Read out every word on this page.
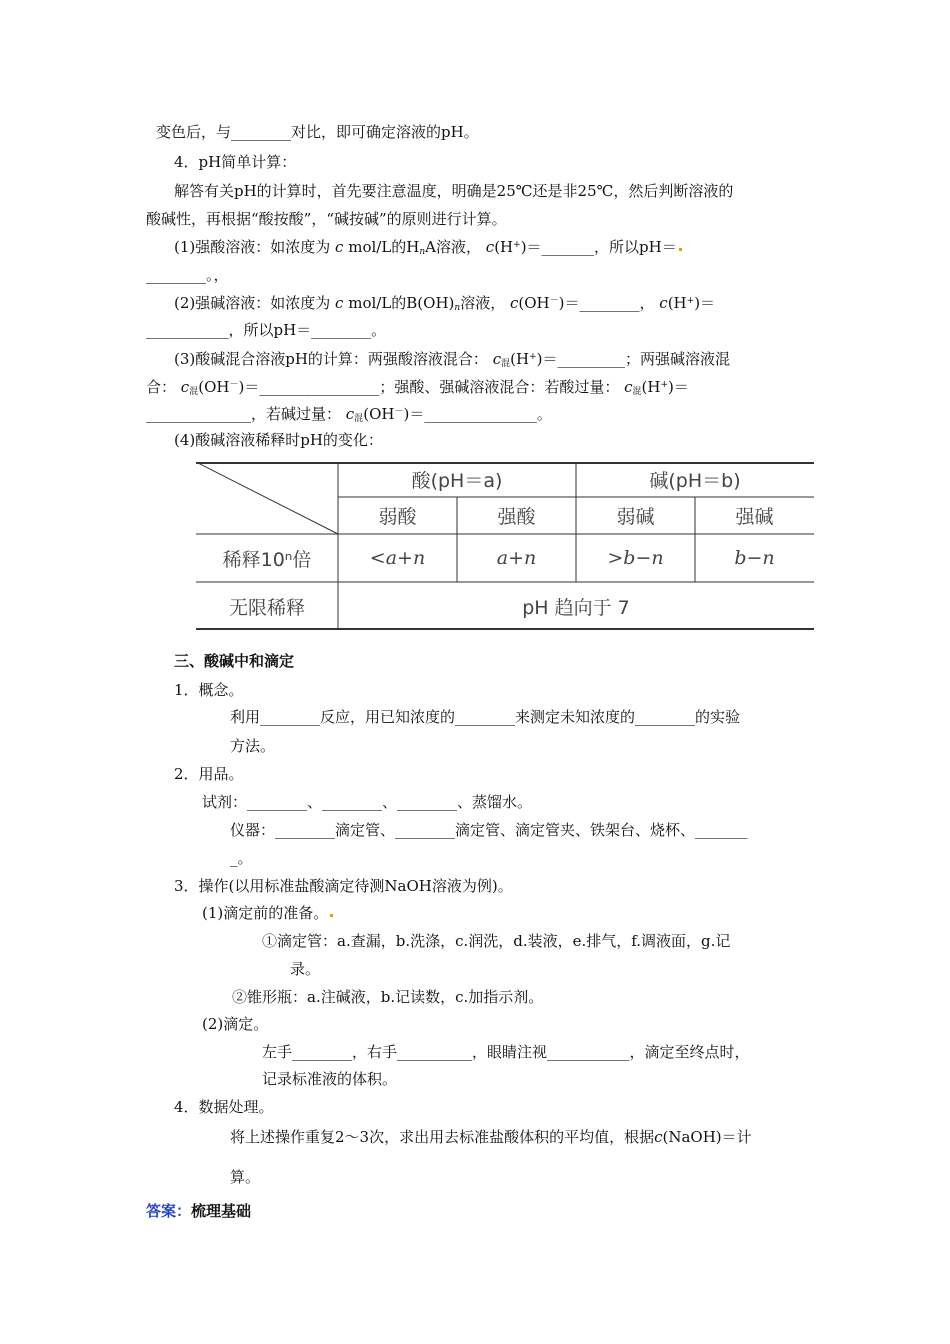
变色后，与________对比，即可确定溶液的pH。
4．pH简单计算：
解答有关pH的计算时，首先要注意温度，明确是25℃还是非25℃，然后判断溶液的
酸碱性，再根据“酸按酸”，“碱按碱”的原则进行计算。
(1)强酸溶液：如浓度为 c mol/L的$H_nA$溶液， c(H+)＝_______，所以pH＝
________。，
(2)强碱溶液：如浓度为 c mol/L的$B(OH)_n$溶液， c(OH－)＝________， c(H+)＝
___________，所以pH＝________。
(3)酸碱混合溶液pH的计算：两强酸溶液混合： $c_混(H^+)=\_\_\_\_\_\_\_\_\_$；两强碱溶液混
合： $c_混(OH^-)=\_\_\_\_\_\_\_\_\_\_\_\_\_\_\_\_$；强酸、强碱溶液混合：若酸过量： $c_混(H^+)=$
______________，若碱过量： $c_混(OH^-)=\_\_\_\_\_\_\_\_\_\_\_\_\_\_\_$。
(4)酸碱溶液稀释时pH的变化：
酸(pH＝a)	碱(pH＝b)
弱酸	强酸	弱碱	强碱
稀释10ⁿ倍	<a+n	a+n	>b−n	b−n
无限稀释	pH 趋向于 7
三、酸碱中和滴定
1．概念。
利用________反应，用已知浓度的________来测定未知浓度的________的实验
方法。
2．用品。
试剂：________、________、________、蒸馏水。
仪器：________滴定管、________滴定管、滴定管夹、铁架台、烧杯、_______
_。
3．操作(以用标准盐酸滴定待测NaOH溶液为例)。
(1)滴定前的准备。
①滴定管：a.查漏，b.洗涤，c.润洗，d.装液，e.排气，f.调液面，g.记
录。
②锥形瓶：a.注碱液，b.记读数，c.加指示剂。
(2)滴定。
左手________，右手__________，眼睛注视___________，滴定至终点时，
记录标准液的体积。
4．数据处理。
将上述操作重复2～3次，求出用去标准盐酸体积的平均值，根据c(NaOH)＝计
算。
答案：梳理基础
